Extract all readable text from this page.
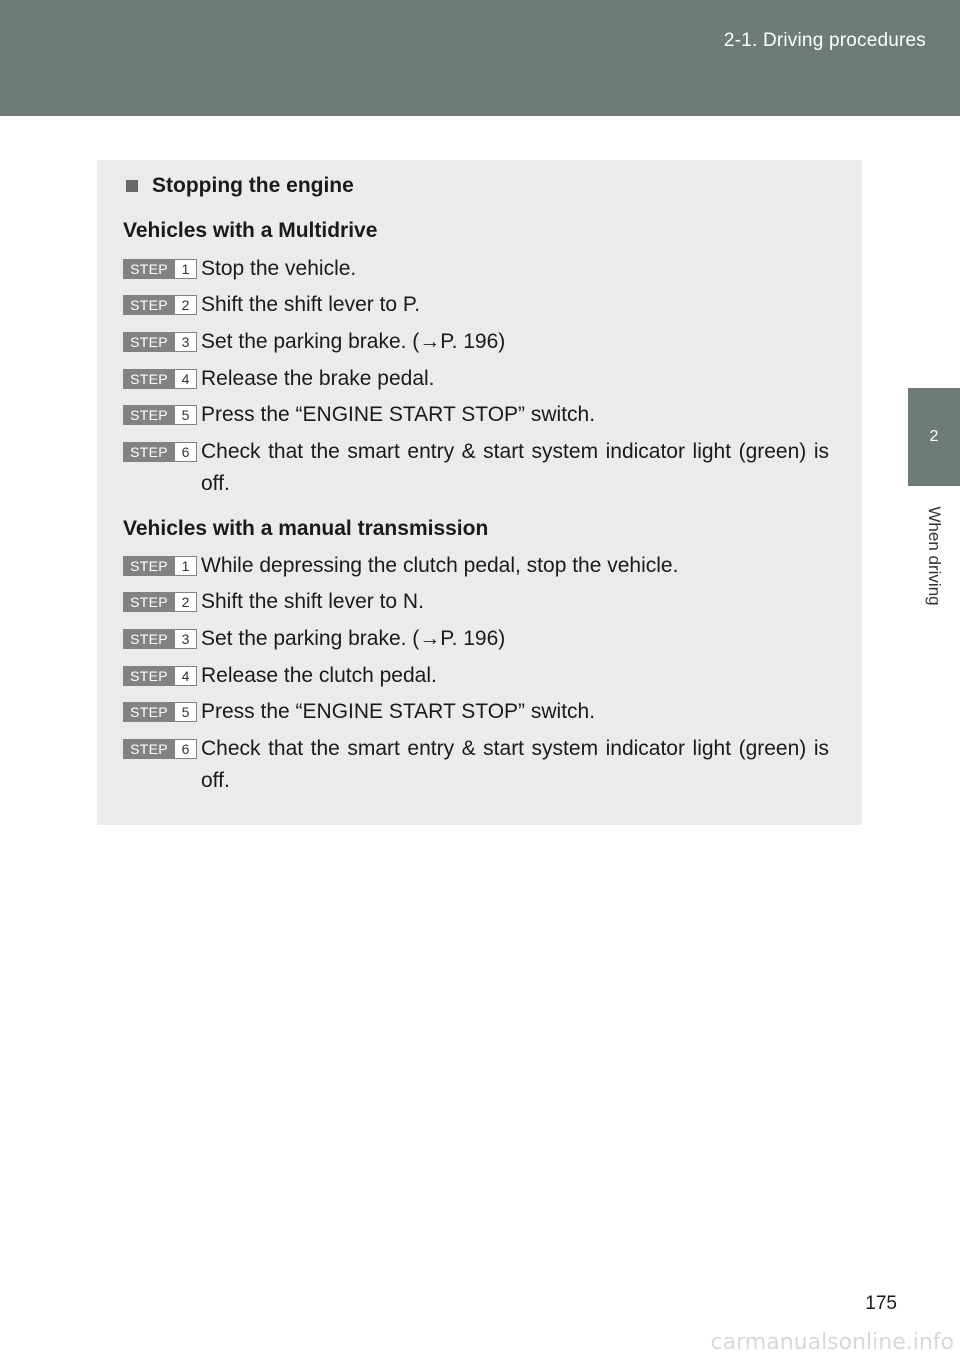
2-1. Driving procedures
2
When driving
Stopping the engine
Vehicles with a Multidrive
STEP 1 Stop the vehicle.
STEP 2 Shift the shift lever to P.
STEP 3 Set the parking brake. (→P. 196)
STEP 4 Release the brake pedal.
STEP 5 Press the “ENGINE START STOP” switch.
STEP 6 Check that the smart entry & start system indicator light (green) is off.
Vehicles with a manual transmission
STEP 1 While depressing the clutch pedal, stop the vehicle.
STEP 2 Shift the shift lever to N.
STEP 3 Set the parking brake. (→P. 196)
STEP 4 Release the clutch pedal.
STEP 5 Press the “ENGINE START STOP” switch.
STEP 6 Check that the smart entry & start system indicator light (green) is off.
175
carmanualsonline.info
